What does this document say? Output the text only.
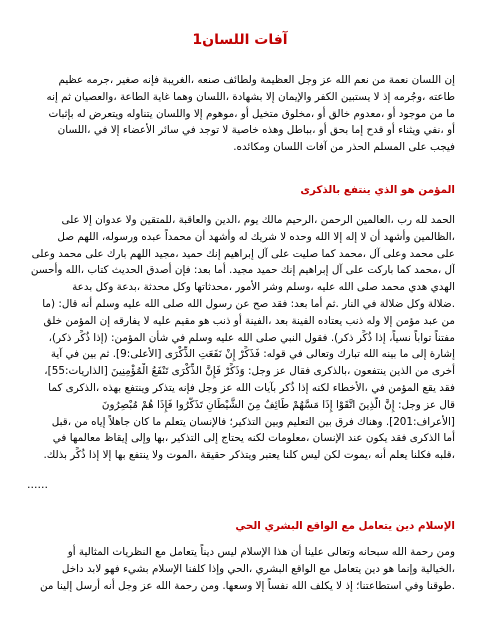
آفات اللسان1
إن اللسان نعمة من نعم الله عز وجل العظيمة ولطائف صنعه ،الغريبة فإنه صغير ،جرمه عظيم
طاعته ،وجُرمه إذ لا يستبين الكفر والإيمان إلا بشهادة ،اللسان وهما غاية الطاعة ،والعصيان ثم إنه
ما من موجود أو ،معدوم خالق أو ،مخلوق متخيل أو ،موهوم إلا واللسان يتناوله ويتعرض له بإثبات
أو ،نفي ويثناء أو قدح إما بحق أو ،بباطل وهذه خاصية لا توجد في سائر الأعضاء إلا في ،اللسان
فيجب على المسلم الحذر من آفات اللسان ومكائده.
المؤمن هو الذي ينتفع بالذكرى
الحمد لله رب ،العالمين الرحمن ،الرحيم مالك يوم ،الدين والعاقبة ،للمتقين ولا عدوان إلا على
،الظالمين وأشهد أن لا إله إلا الله وحده لا شريك له وأشهد أن محمداً عبده ورسوله، اللهم صل
على محمد وعلى آل ،محمد كما صليت على آل إبراهيم إنك حميد ،مجيد اللهم بارك على محمد وعلى
آل ،محمد كما باركت على آل إبراهيم إنك حميد مجيد. أما بعد: فإن أصدق الحديث كتاب ،الله وأحسن
الهدي هدي محمد صلى الله عليه ،وسلم وشر الأمور ،محدثاتها وكل محدثة ،بدعة وكل بدعة
.ضلالة وكل ضلالة في النار .ثم أما بعد: فقد صح عن رسول الله صلى الله عليه وسلم أنه قال: (ما
من عبد مؤمن إلا وله ذنب يعتاده الفينة بعد ،الفينة أو ذنب هو مقيم عليه لا يفارقه إن المؤمن خلق
مفتناً تواباً نسياً، إذا ذُكِّر ذكر). فقول النبي صلى الله عليه وسلم في شأن المؤمن: (إذا ذُكِّر ذكر)،
إشارة إلى ما بينه الله تبارك وتعالى في قوله: فَذَكِّرْ إِنْ نَفَعَتِ الذِّكْرَى [الأعلى:9]. ثم بين في آية
أخرى من الذين ينتفعون ،بالذكرى فقال عز وجل: وَذَكِّرْ فَإِنَّ الذِّكْرَى تَنْفَعُ الْمُؤْمِنِينَ [الذاريات:55]،
فقد يقع المؤمن في ،الأخطاء لكنه إذا ذُكر بآيات الله عز وجل فإنه يتذكر وينتفع بهذه ،الذكرى كما
قال عز وجل: إِنَّ الَّذِينَ اتَّقَوْا إِذَا مَسَّهُمْ طَائِفٌ مِنَ الشَّيْطَانِ تَذَكَّرُوا فَإِذَا هُمْ مُبْصِرُونَ
[الأعراف:201]. وهناك فرق بين التعليم وبين التذكير؛ فالإنسان يتعلم ما كان جاهلاً إياه من ،قبل
أما الذكرى فقد يكون عند الإنسان ،معلومات لكنه يحتاج إلى التذكير ،بها وإلى إيقاظ معالمها في
،قلبه فكلنا يعلم أنه ،يموت لكن ليس كلنا يعتبر ويتذكر حقيقة ،الموت ولا ينتفع بها إلا إذا ذُكِّر بذلك.
......
الإسلام دين يتعامل مع الواقع البشري الحي
ومن رحمة الله سبحانه وتعالى علينا أن هذا الإسلام ليس ديناً يتعامل مع النظريات المثالية أو
،الخيالية وإنما هو دين يتعامل مع الواقع البشري ،الحي وإذا كلفنا الإسلام بشيء فهو لابد داخل
.طوقنا وفي استطاعتنا؛ إذ لا يكلف الله نفساً إلا وسعها. ومن رحمة الله عز وجل أنه أرسل إلينا من
